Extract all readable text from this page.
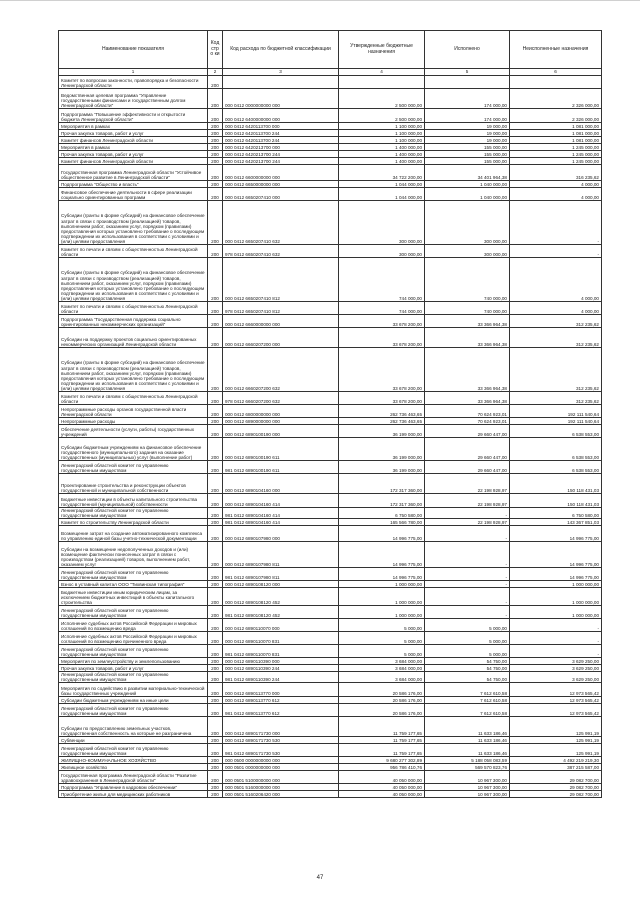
Наименование показателя	Код стро ки	Код расхода по бюджетной классификации	Утвержденные бюджетные назначения	Исполнено	Неисполненные назначения
1	2	3	4	5	6
Комитет по вопросам законности, правопорядка и безопасности Ленинградской области	200				
Ведомственная целевая программа "Управление государственными финансами и государственным долгом Ленинградской области"	200	000 0412 0000000000 000	2 500 000,00	174 000,00	2 326 000,00
Подпрограмма "Повышение эффективности и открытости бюджета Ленинградской области"	200	000 0412 6400000000 000	2 500 000,00	174 000,00	2 326 000,00
Мероприятия в рамках	200	000 0412 6420113700 000	1 100 000,00	19 000,00	1 081 000,00
Прочая закупка товаров, работ и услуг	200	000 0412 6420113700 244	1 100 000,00	19 000,00	1 081 000,00
Комитет финансов Ленинградской области	200	000 0412 6420113700 244	1 100 000,00	19 000,00	1 081 000,00
Мероприятия в рамках	200	000 0412 6420213700 000	1 400 000,00	155 000,00	1 245 000,00
Прочая закупка товаров, работ и услуг	200	000 0412 6420213700 244	1 400 000,00	155 000,00	1 245 000,00
Комитет финансов Ленинградской области	200	000 0412 6420213700 244	1 400 000,00	155 000,00	1 245 000,00
Государственная программа Ленинградской области "Устойчивое общественное развитие в Ленинградской области"	200	000 0412 6600000000 000	34 722 200,00	34 401 964,38	316 235,62
Подпрограмма "Общество и власть"	200	000 0412 6650000000 000	1 044 000,00	1 040 000,00	4 000,00
Финансовое обеспечение деятельности в сфере реализации социально ориентированных программ	200	000 0412 6650207410 000	1 044 000,00	1 040 000,00	4 000,00
Субсидии (гранты в форме субсидий) на финансовое обеспечение затрат в связи с производством (реализацией) товаров, выполнением работ, оказанием услуг, порядком (правилами) предоставления которых установлено требование о последующем подтверждении их использования в соответствии с условиями и (или) целями предоставления	200	000 0412 6650207410 632	300 000,00	300 000,00	-
Комитет по печати и связям с общественностью Ленинградской области	200	978 0412 6650207410 632	300 000,00	300 000,00	-
Субсидии (гранты в форме субсидий) на финансовое обеспечение затрат в связи с производством (реализацией) товаров, выполнением работ, оказанием услуг, порядком (правилами) предоставления которых установлено требование о последующем подтверждении их использования в соответствии с условиями и (или) целями предоставления	200	000 0412 6650207410 812	744 000,00	740 000,00	4 000,00
Комитет по печати и связям с общественностью Ленинградской области	200	978 0412 6650207410 812	744 000,00	740 000,00	4 000,00
Подпрограмма "Государственная поддержка социально ориентированных некоммерческих организаций"	200	000 0412 6660000000 000	33 678 200,00	33 366 964,38	312 235,62
Субсидии на поддержку проектов социально ориентированных некоммерческих организаций Ленинградской области	200	000 0412 6660207200 000	33 678 200,00	33 366 964,38	312 235,62
Субсидии (гранты в форме субсидий) на финансовое обеспечение затрат в связи с производством (реализацией) товаров, выполнением работ, оказанием услуг, порядком (правилами) предоставления которых установлено требование о последующем подтверждении их использования в соответствии с условиями и (или) целями предоставления	200	000 0412 6660207200 632	33 678 200,00	33 366 964,38	312 235,62
Комитет по печати и связям с общественностью Ленинградской области	200	978 0412 6660207200 632	33 678 200,00	33 366 964,38	312 235,62
Непрограммные расходы органов государственной власти Ленинградской области	200	000 0412 6800000000 000	262 736 463,65	70 624 923,01	192 111 540,64
Непрограммные расходы	200	000 0412 6890000000 000	262 736 463,65	70 624 923,01	192 111 540,64
Обеспечение деятельности (услуги, работы) государственных учреждений	200	000 0412 6890100190 000	36 199 000,00	29 660 447,00	6 538 553,00
Субсидии бюджетным учреждениям на финансовое обеспечение государственного (муниципального) задания на оказание государственных (муниципальных) услуг (выполнение работ)	200	000 0412 6890100190 611	36 199 000,00	29 660 447,00	6 538 553,00
Ленинградский областной комитет по управлению государственным имуществом	200	981 0412 6890100190 611	36 199 000,00	29 660 447,00	6 538 553,00
Проектирование строительства и реконструкции объектов государственной и муниципальной собственности	200	000 0412 6890104160 000	172 317 360,00	22 198 928,97	150 118 431,03
Бюджетные инвестиции в объекты капитального строительства государственной (муниципальной) собственности	200	000 0412 6890104160 414	172 317 360,00	22 198 928,97	150 118 431,03
Ленинградский областной комитет по управлению государственным имуществом	200	981 0412 6890104160 414	6 750 580,00	-	6 750 580,00
Комитет по строительству Ленинградской области	200	981 0412 6890104160 414	165 566 780,00	22 198 928,97	143 367 851,03
Возмещение затрат на создание автоматизированного комплекса по управлению единой базы учетно-технической документации	200	000 0412 6890107980 000	14 996 775,00	-	14 996 775,00
Субсидии на возмещение недополученных доходов и (или) возмещение фактически понесенных затрат в связи с производством (реализацией) товаров, выполнением работ, оказанием услуг	200	000 0412 6890107980 811	14 996 775,00	-	14 996 775,00
Ленинградский областной комитет по управлению государственным имуществом	200	981 0412 6890107980 811	14 996 775,00	-	14 996 775,00
Взнос в уставный капитал ООО "Тихвинская типография"	200	000 0412 6890108120 000	1 000 000,00	-	1 000 000,00
Бюджетные инвестиции иным юридическим лицам, за исключением бюджетных инвестиций в объекты капитального строительства	200	000 0412 6890108120 452	1 000 000,00	-	1 000 000,00
Ленинградский областной комитет по управлению государственным имуществом	200	981 0412 6890108120 452	1 000 000,00	-	1 000 000,00
Исполнение судебных актов Российской Федерации и мировых соглашений по возмещению вреда	200	000 0412 6890110070 000	5 000,00	5 000,00	-
Исполнение судебных актов Российской Федерации и мировых соглашений по возмещению причиненного вреда	200	000 0412 6890110070 831	5 000,00	5 000,00	-
Ленинградский областной комитет по управлению государственным имуществом	200	981 0412 6890110070 831	5 000,00	5 000,00	-
Мероприятия по землеустройству и землепользованию	200	000 0412 6890110390 000	3 684 000,00	54 750,00	3 629 250,00
Прочая закупка товаров, работ и услуг	200	000 0412 6890110390 244	3 684 000,00	54 750,00	3 629 250,00
Ленинградский областной комитет по управлению государственным имуществом	200	981 0412 6890110390 244	3 684 000,00	54 750,00	3 629 250,00
Мероприятия по содействию в развитии материально-технической базы государственных учреждений	200	000 0412 6890113770 000	20 586 176,00	7 612 610,58	12 973 565,42
Субсидии бюджетным учреждениям на иные цели	200	000 0412 6890113770 612	20 586 176,00	7 612 610,58	12 973 565,42
Ленинградский областной комитет по управлению государственным имуществом	200	981 0412 6890113770 612	20 586 176,00	7 612 610,58	12 973 565,42
Субсидии по предоставлению земельных участков, государственная собственность на которые не разграничена	200	000 0412 6890171730 000	11 759 177,65	11 633 186,46	125 991,19
Субвенции	200	000 0412 6890171730 530	11 759 177,65	11 633 186,46	125 991,19
Ленинградский областной комитет по управлению государственным имуществом	200	981 0412 6890171730 530	11 759 177,65	11 633 186,46	125 991,19
ЖИЛИЩНО-КОММУНАЛЬНОЕ ХОЗЯЙСТВО	200	000 0500 0000000000 000	9 680 277 302,89	5 188 058 083,59	4 492 219 219,30
Жилищное хозяйство	200	000 0501 0000000000 000	956 786 410,76	569 570 823,76	387 215 587,00
Государственная программа Ленинградской области "Развитие здравоохранения в Ленинградской области"	200	000 0501 5100000000 000	40 050 000,00	10 967 300,00	29 082 700,00
Подпрограмма "Управление в кадровом обеспечении"	200	000 0501 5160000000 000	40 050 000,00	10 967 300,00	29 082 700,00
Приобретение жилья для медицинских работников	200	000 0501 5160206420 000	40 050 000,00	10 967 300,00	29 082 700,00
47
